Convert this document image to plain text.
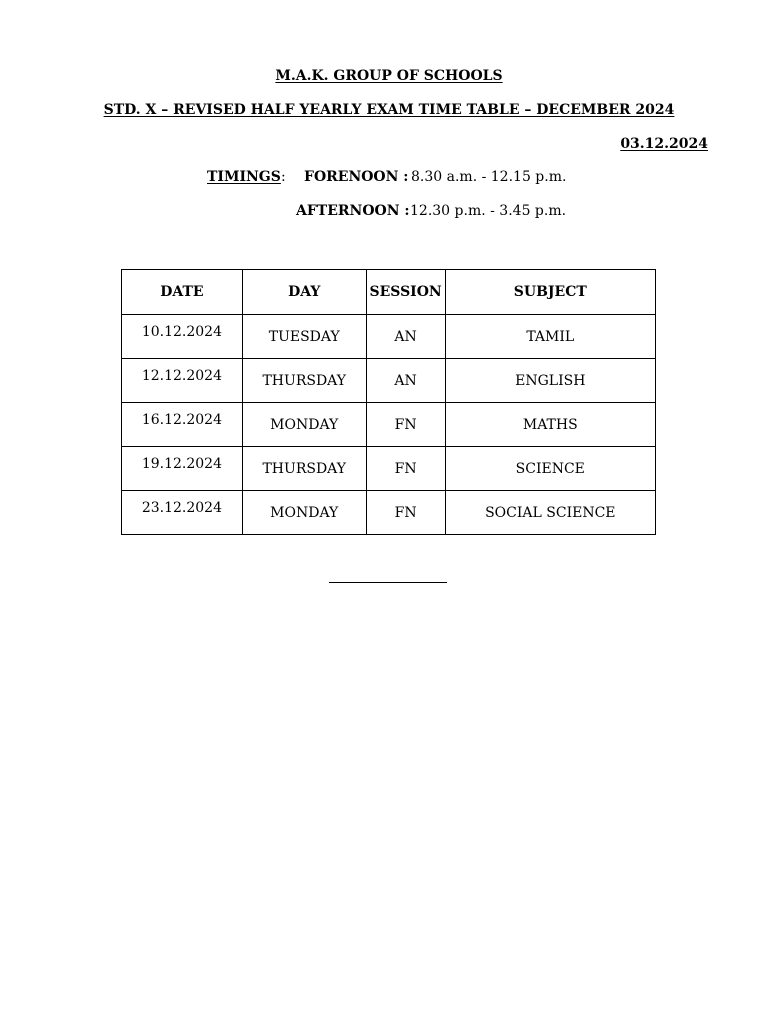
M.A.K. GROUP OF SCHOOLS
STD. X – REVISED HALF YEARLY EXAM TIME TABLE – DECEMBER 2024
03.12.2024
TIMINGS : FORENOON : 8.30 a.m. - 12.15 p.m.
AFTERNOON : 12.30 p.m. - 3.45 p.m.
DATE	DAY	SESSION	SUBJECT
10.12.2024	TUESDAY	AN	TAMIL
12.12.2024	THURSDAY	AN	ENGLISH
16.12.2024	MONDAY	FN	MATHS
19.12.2024	THURSDAY	FN	SCIENCE
23.12.2024	MONDAY	FN	SOCIAL SCIENCE
